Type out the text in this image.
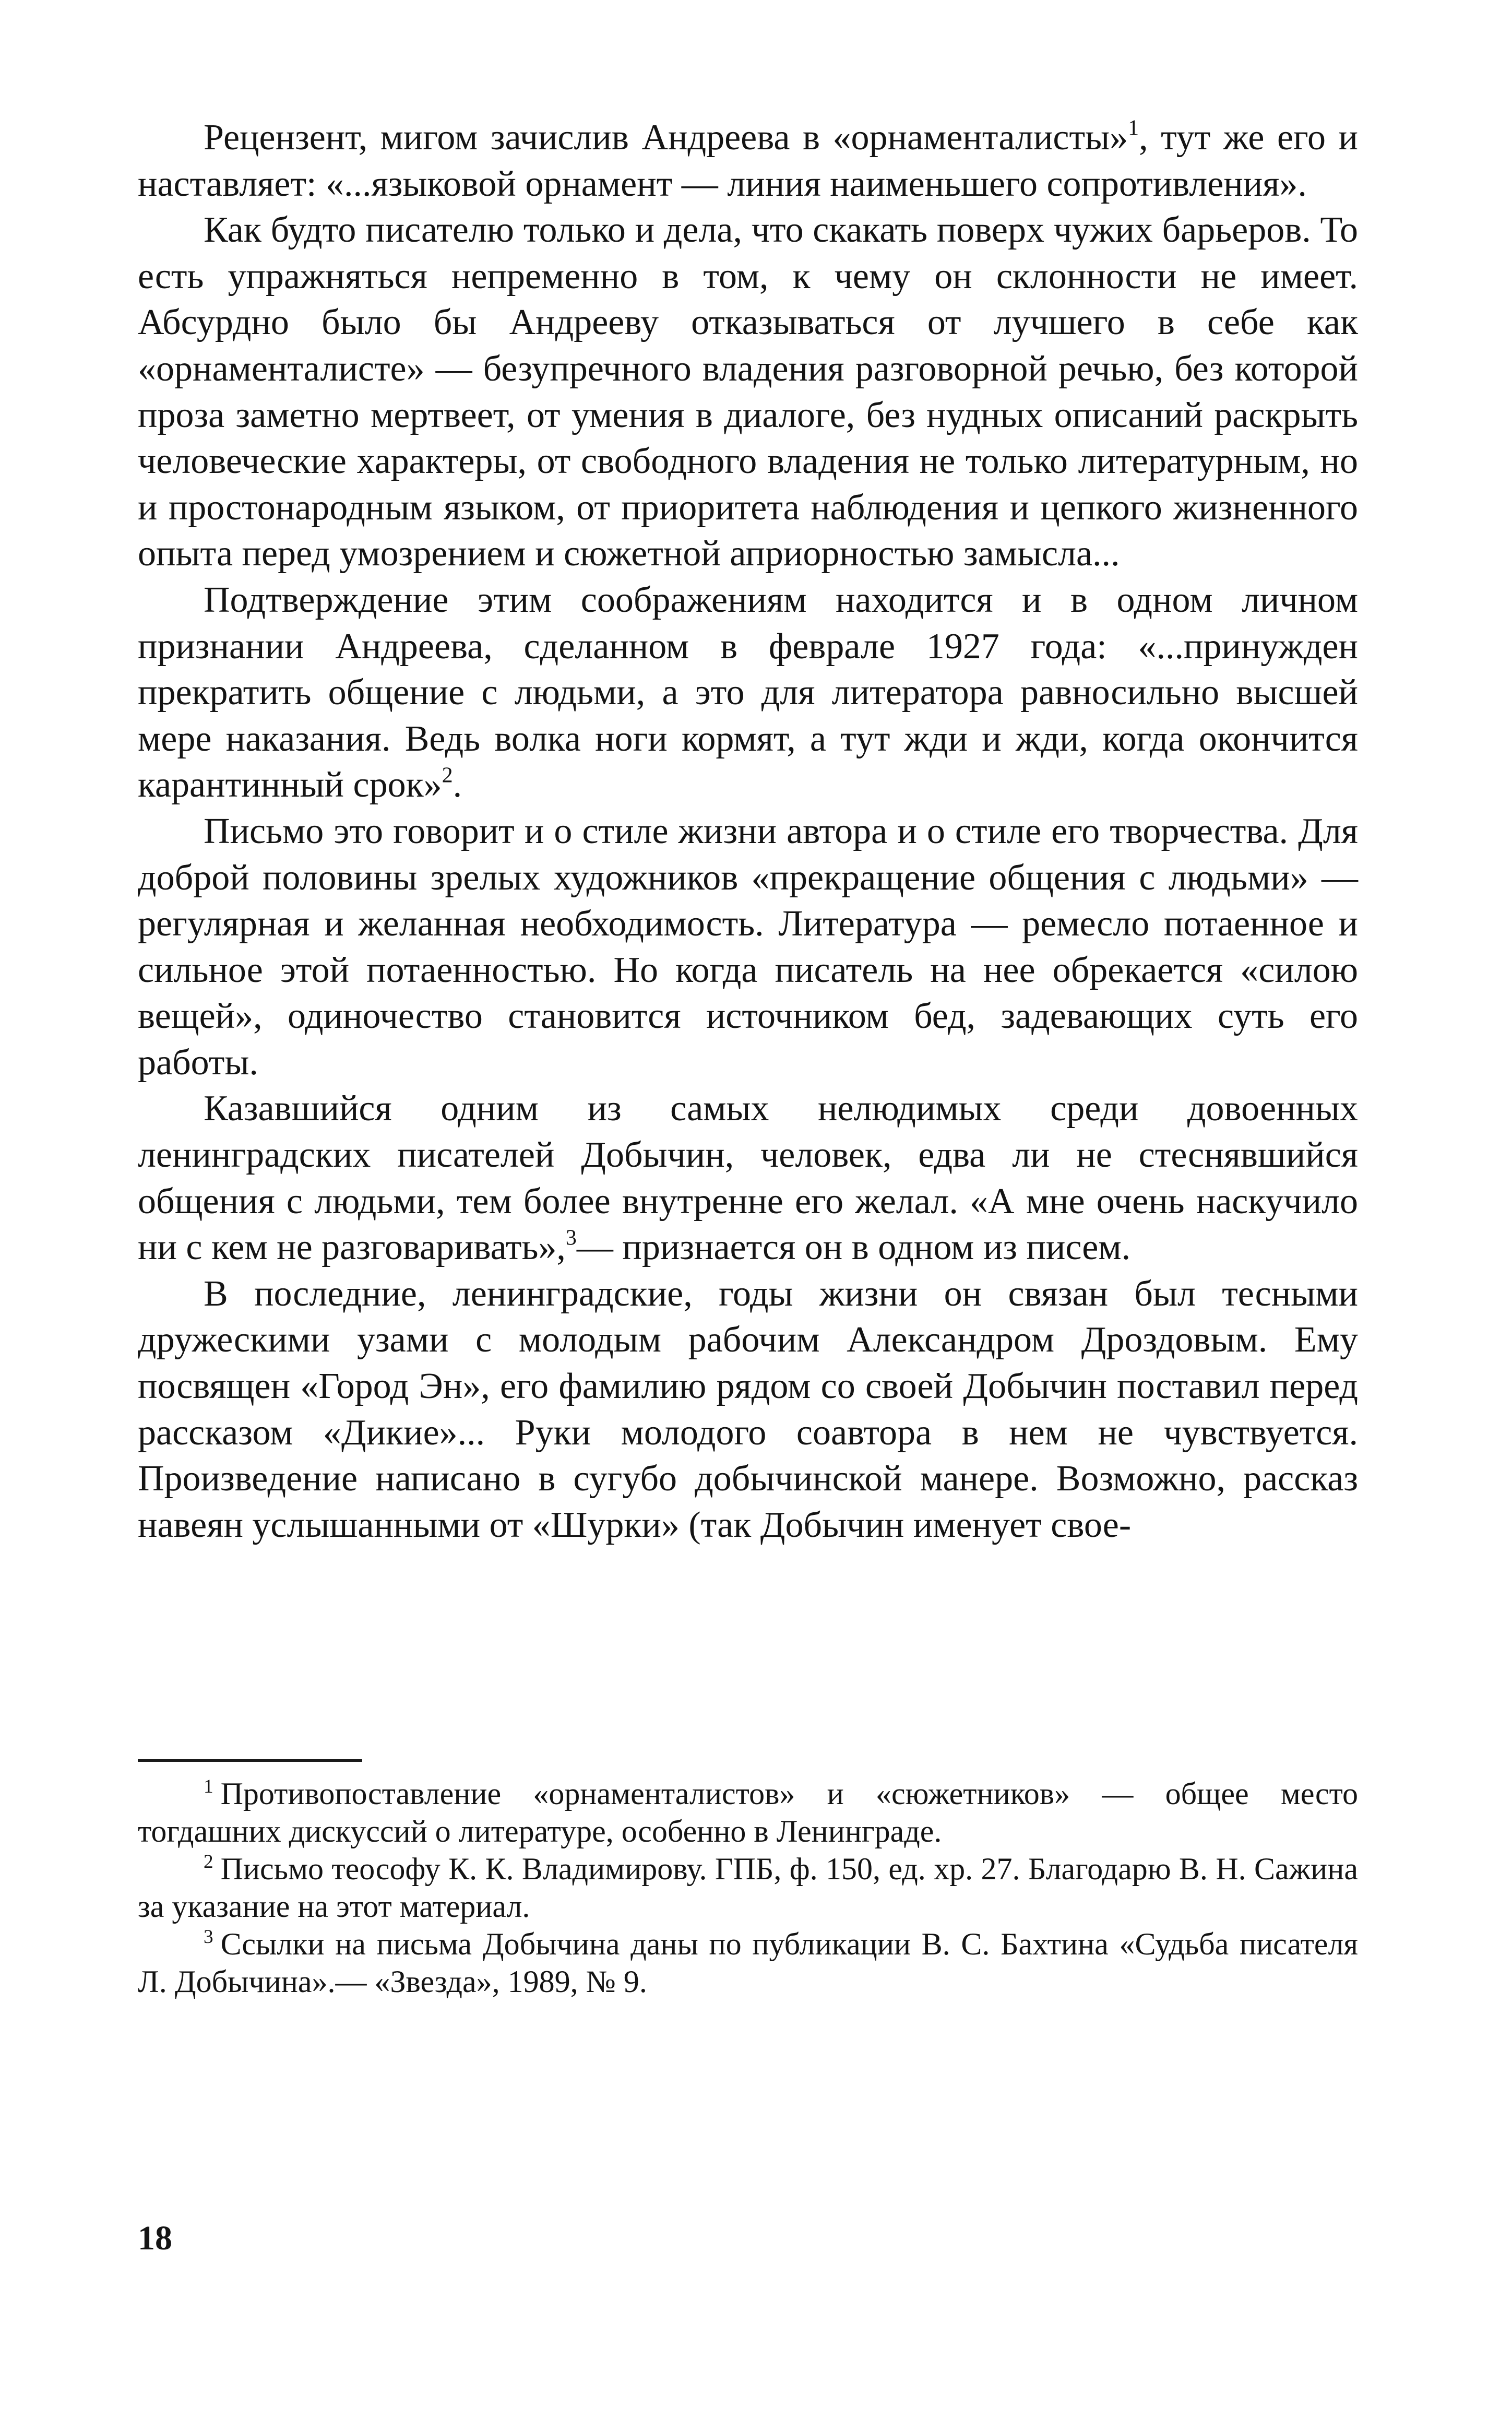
Рецензент, мигом зачислив Андреева в «орнаменталисты»$^1$, тут же его и наставляет: «...языковой орнамент — линия наименьшего сопротивления».

Как будто писателю только и дела, что скакать поверх чужих барьеров. То есть упражняться непременно в том, к чему он склонности не имеет. Абсурдно было бы Андрееву отказываться от лучшего в себе как «орнаменталисте» — безупречного владения разговорной речью, без которой проза заметно мертвеет, от умения в диалоге, без нудных описаний раскрыть человеческие характеры, от свободного владения не только литературным, но и простонародным языком, от приоритета наблюдения и цепкого жизненного опыта перед умозрением и сюжетной априорностью замысла...

Подтверждение этим соображениям находится и в одном личном признании Андреева, сделанном в феврале 1927 года: «...принужден прекратить общение с людьми, а это для литератора равносильно высшей мере наказания. Ведь волка ноги кормят, а тут жди и жди, когда окончится карантинный срок»$^2$.

Письмо это говорит и о стиле жизни автора и о стиле его творчества. Для доброй половины зрелых художников «прекращение общения с людьми» — регулярная и желанная необходимость. Литература — ремесло потаенное и сильное этой потаенностью. Но когда писатель на нее обрекается «силою вещей», одиночество становится источником бед, задевающих суть его работы.

Казавшийся одним из самых нелюдимых среди довоенных ленинградских писателей Добычин, человек, едва ли не стеснявшийся общения с людьми, тем более внутренне его желал. «А мне очень наскучило ни с кем не разговаривать»,$^3$— признается он в одном из писем.

В последние, ленинградские, годы жизни он связан был тесными дружескими узами с молодым рабочим Александром Дроздовым. Ему посвящен «Город Эн», его фамилию рядом со своей Добычин поставил перед рассказом «Дикие»... Руки молодого соавтора в нем не чувствуется. Произведение написано в сугубо добычинской манере. Возможно, рассказ навеян услышанными от «Шурки» (так Добычин именует свое-

$^1$ Противопоставление «орнаменталистов» и «сюжетников» — общее место тогдашних дискуссий о литературе, особенно в Ленинграде.

$^2$ Письмо теософу К. К. Владимирову. ГПБ, ф. 150, ед. хр. 27. Благодарю В. Н. Сажина за указание на этот материал.

$^3$ Ссылки на письма Добычина даны по публикации В. С. Бахтина «Судьба писателя Л. Добычина».— «Звезда», 1989, № 9.

18
